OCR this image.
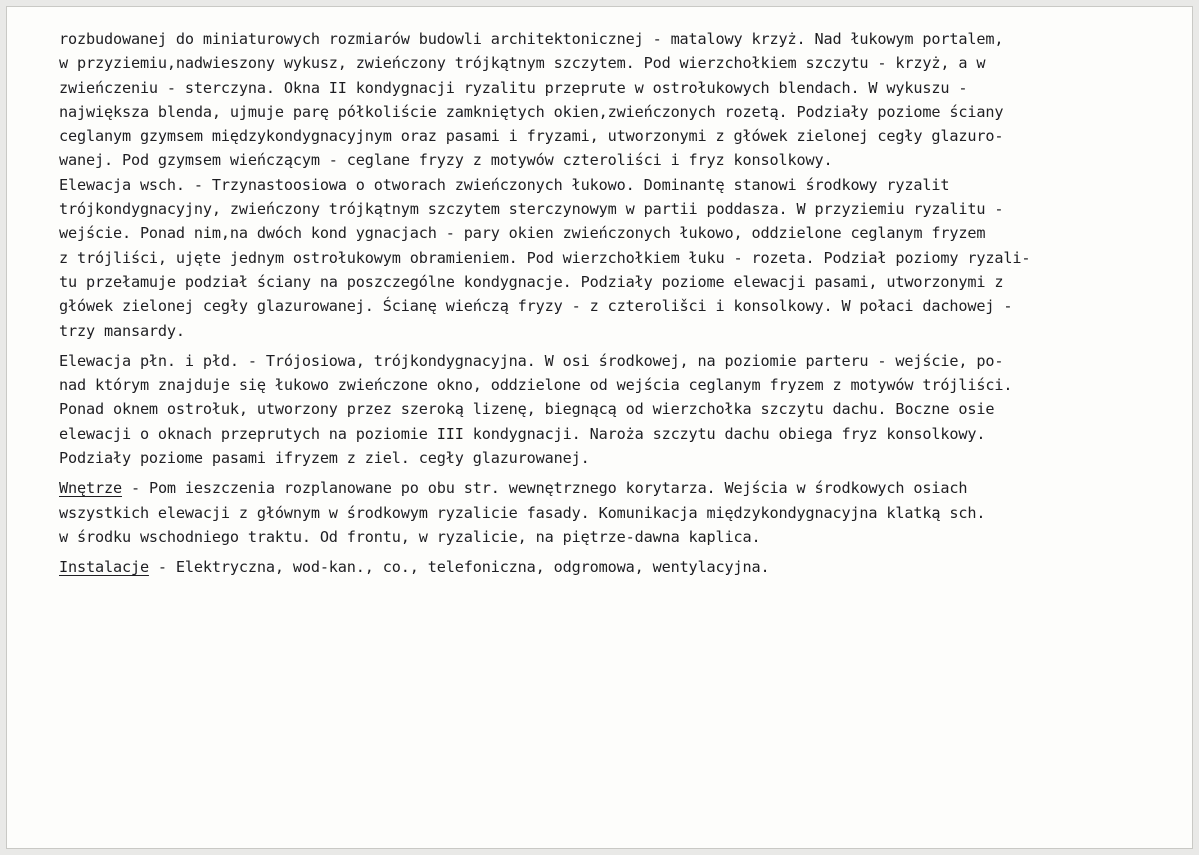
rozbudowanej do miniaturowych rozmiarów budowli architektonicznej - matalowy krzyż. Nad łukowym portalem,
w przyziemiu,nadwieszony wykusz, zwieńczony trójkątnym szczytem. Pod wierzchołkiem szczytu - krzyż, a w
zwieńczeniu - sterczyna. Okna II kondygnacji ryzalitu przeprute w ostrołukowych blendach. W wykuszu -
największa blenda, ujmuje parę półkoliście zamkniętych okien,zwieńczonych rozetą. Podziały poziome ściany
ceglanym gzymsem międzykondygnacyjnym oraz pasami i fryzami, utworzonymi z główek zielonej cegły glazuro-
wanej. Pod gzymsem wieńczącym - ceglane fryzy z motywów czteroliści i fryz konsolkowy.
Elewacja wsch. - Trzynastoosiowa o otworach zwieńczonych łukowo. Dominantę stanowi środkowy ryzalit
trójkondygnacyjny, zwieńczony trójkątnym szczytem sterczynowym w partii poddasza. W przyziemiu ryzalitu -
wejście. Ponad nim,na dwóch kond ygnacjach - pary okien zwieńczonych łukowo, oddzielone ceglanym fryzem
z trójliści, ujęte jednym ostrołukowym obramieniem. Pod wierzchołkiem łuku - rozeta. Podział poziomy ryzali-
tu przełamuje podział ściany na poszczególne kondygnacje. Podziały poziome elewacji pasami, utworzonymi z
główek zielonej cegły glazurowanej. Ścianę wieńczą fryzy - z czterolišci i konsolkowy. W połaci dachowej -
trzy mansardy.
Elewacja płn. i płd. - Trójosiowa, trójkondygnacyjna. W osi środkowej, na poziomie parteru - wejście, po-
nad którym znajduje się łukowo zwieńczone okno, oddzielone od wejścia ceglanym fryzem z motywów trójliści.
Ponad oknem ostrołuk, utworzony przez szeroką lizenę, biegnącą od wierzchołka szczytu dachu. Boczne osie
elewacji o oknach przeprutych na poziomie III kondygnacji. Naroża szczytu dachu obiega fryz konsolkowy.
Podziały poziome pasami ifryzem z ziel. cegły glazurowanej.
Wnętrze - Pom ieszczenia rozplanowane po obu str. wewnętrznego korytarza. Wejścia w środkowych osiach
wszystkich elewacji z głównym w środkowym ryzalicie fasady. Komunikacja międzykondygnacyjna klatką sch.
w środku wschodniego traktu. Od frontu, w ryzalicie, na piętrze-dawna kaplica.
Instalacje - Elektryczna, wod-kan., co., telefoniczna, odgromowa, wentylacyjna.
